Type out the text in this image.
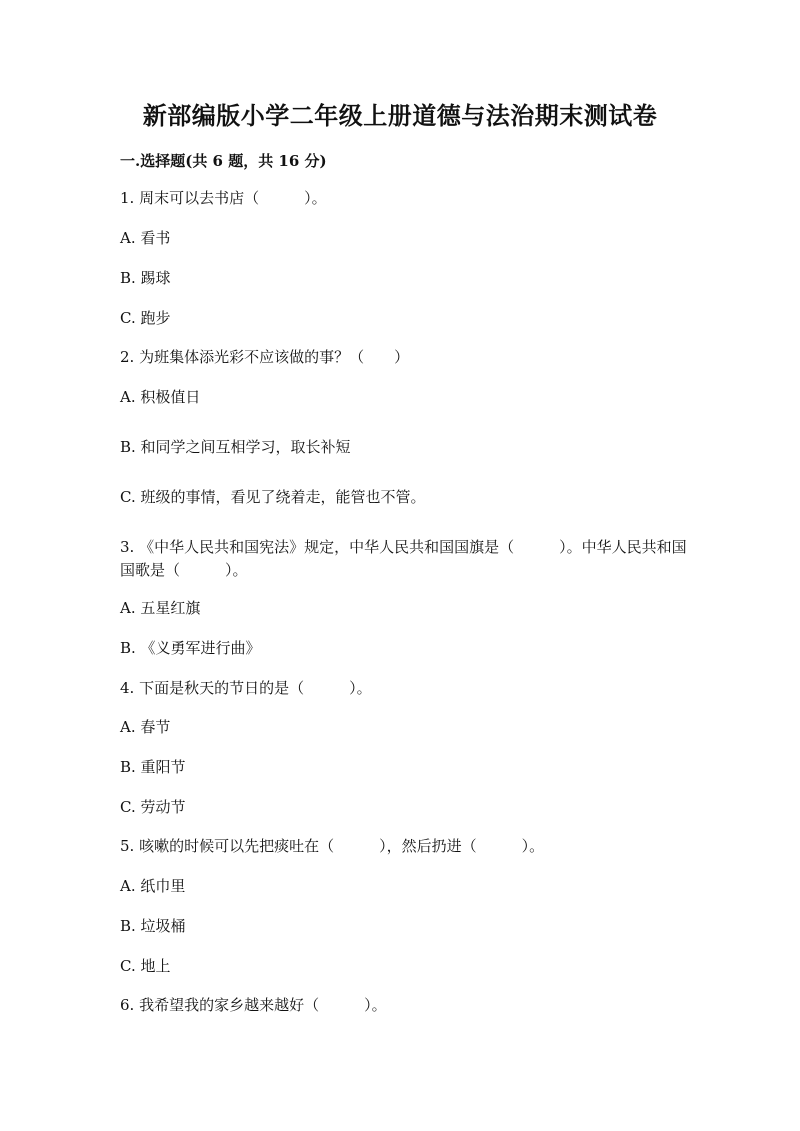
新部编版小学二年级上册道德与法治期末测试卷
一.选择题(共 6 题，共 16 分)
1. 周末可以去书店（　　　）。
A. 看书
B. 踢球
C. 跑步
2. 为班集体添光彩不应该做的事？（　　）
A. 积极值日
B. 和同学之间互相学习，取长补短
C. 班级的事情，看见了绕着走，能管也不管。
3. 《中华人民共和国宪法》规定，中华人民共和国国旗是（　　　）。中华人民共和国国歌是（　　　）。
A. 五星红旗
B. 《义勇军进行曲》
4. 下面是秋天的节日的是（　　　）。
A. 春节
B. 重阳节
C. 劳动节
5. 咳嗽的时候可以先把痰吐在（　　　），然后扔进（　　　）。
A. 纸巾里
B. 垃圾桶
C. 地上
6. 我希望我的家乡越来越好（　　　）。
